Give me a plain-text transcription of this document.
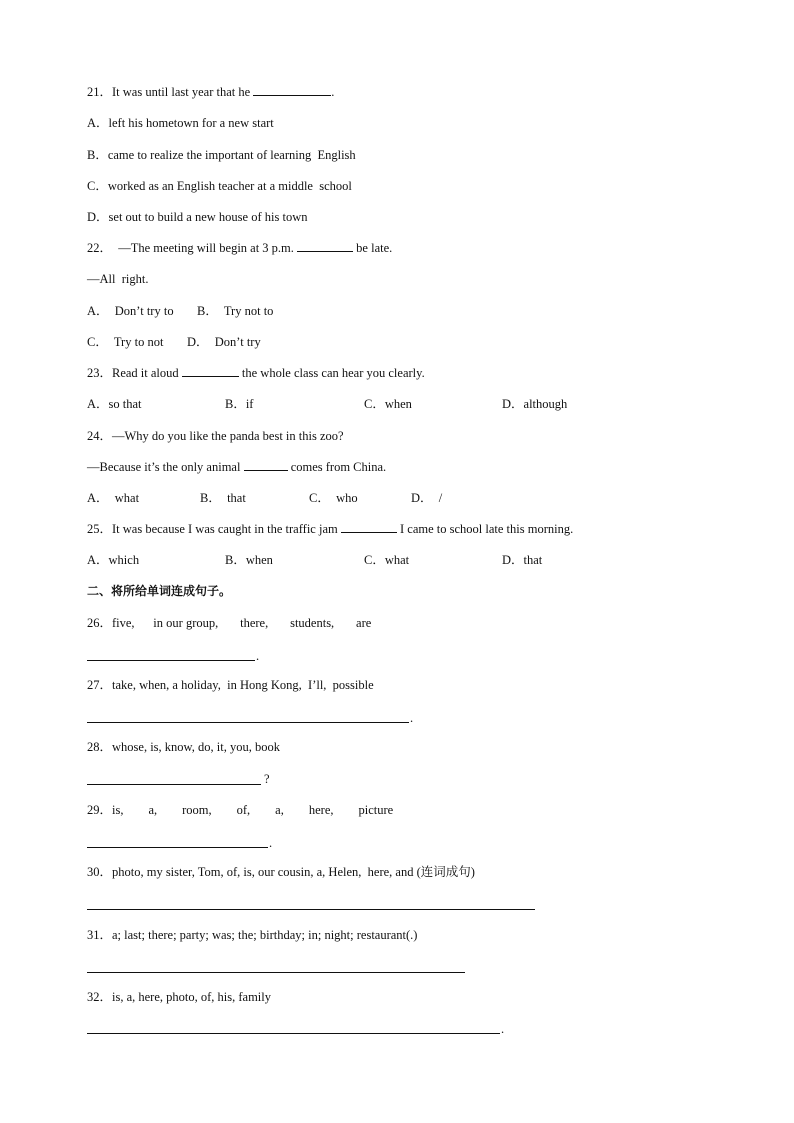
21．It was until last year that he	.
A．left his hometown for a new start
B．came to realize the important of learning  English
C．worked as an English teacher at a middle  school
D．set out to build a new house of his town
22．  —The meeting will begin at 3 p.m.	be late.
—All  right.
A．  Don’t try to B．  Try not to
C．  Try to not D．  Don’t try
23．Read it aloud	the whole class can hear you clearly.
A．so that	B．if	C．when	D．although
24．—Why do you like the panda best in this zoo?
—Because it’s the only animal	comes from China.
A．  what	B．  that	C．  who	D．  /
25．It was because I was caught in the traffic jam	I came to school late this morning.
A．which	B．when	C．what	D．that
二、将所给单词连成句子。
26．five,      in our group,       there,       students,       are
.
27．take, when, a holiday,  in Hong Kong,  I’ll,  possible
.
28．whose, is, know, do, it, you, book
?
29．is,        a,        room,        of,        a,        here,        picture
.
30．photo, my sister, Tom, of, is, our cousin, a, Helen,  here, and (连词成句)
31．a; last; there; party; was; the; birthday; in; night; restaurant(.)
32．is, a, here, photo, of, his, family
.
